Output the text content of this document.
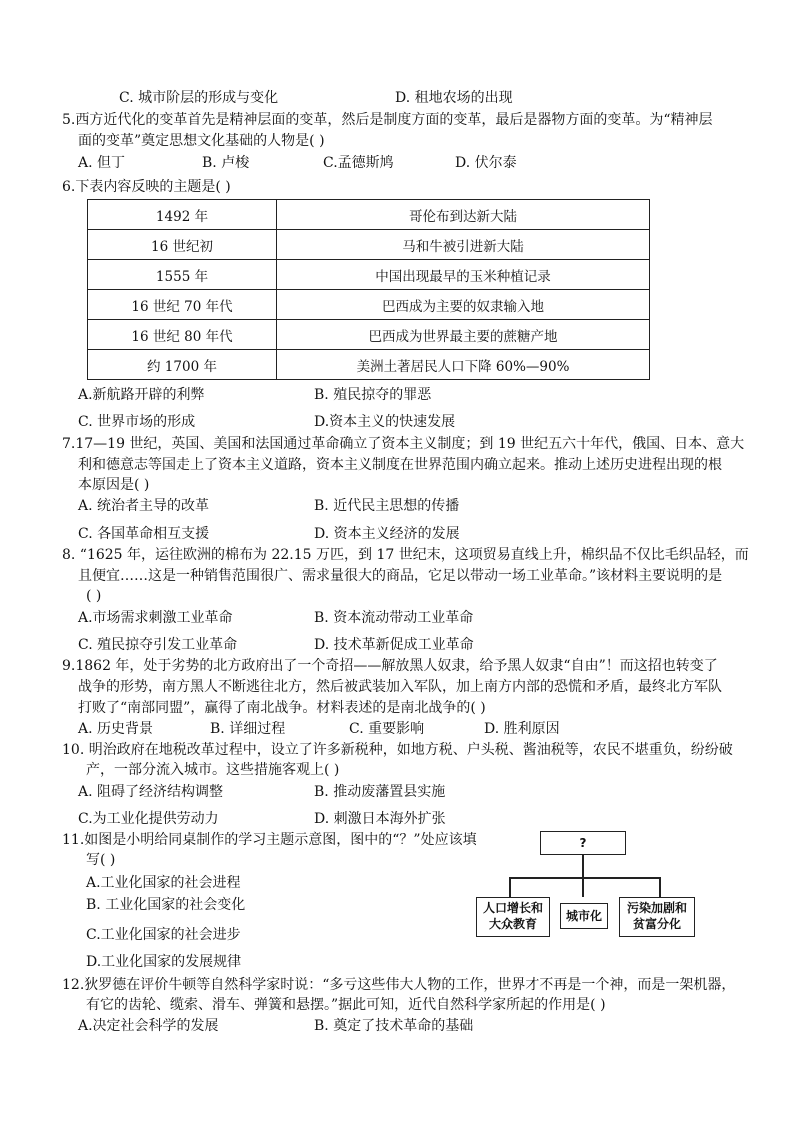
C. 城市阶层的形成与变化	D. 租地农场的出现
5.西方近代化的变革首先是精神层面的变革，然后是制度方面的变革，最后是器物方面的变革。为“精神层
面的变革”奠定思想文化基础的人物是( )
A. 但丁	B. 卢梭	C.孟德斯鸠	D. 伏尔泰
6.下表内容反映的主题是( )
1492 年	哥伦布到达新大陆
16 世纪初	马和牛被引进新大陆
1555 年	中国出现最早的玉米种植记录
16 世纪 70 年代	巴西成为主要的奴隶输入地
16 世纪 80 年代	巴西成为世界最主要的蔗糖产地
约 1700 年	美洲土著居民人口下降 60%—90%
A.新航路开辟的利弊	B. 殖民掠夺的罪恶
C. 世界市场的形成	D.资本主义的快速发展
7.17—19 世纪，英国、美国和法国通过革命确立了资本主义制度；到 19 世纪五六十年代，俄国、日本、意大
利和德意志等国走上了资本主义道路，资本主义制度在世界范围内确立起来。推动上述历史进程出现的根
本原因是( )
A. 统治者主导的改革	B. 近代民主思想的传播
C. 各国革命相互支援	D. 资本主义经济的发展
8. “1625 年，运往欧洲的棉布为 22.15 万匹，到 17 世纪末，这项贸易直线上升，棉织品不仅比毛织品轻，而
且便宜……这是一种销售范围很广、需求量很大的商品，它足以带动一场工业革命。”该材料主要说明的是
( )
A.市场需求刺激工业革命	B. 资本流动带动工业革命
C. 殖民掠夺引发工业革命	D. 技术革新促成工业革命
9.1862 年，处于劣势的北方政府出了一个奇招——解放黑人奴隶，给予黑人奴隶“自由”！而这招也转变了
战争的形势，南方黑人不断逃往北方，然后被武装加入军队，加上南方内部的恐慌和矛盾，最终北方军队
打败了“南部同盟”，赢得了南北战争。材料表述的是南北战争的( )
A. 历史背景	B. 详细过程	C. 重要影响	D. 胜利原因
10. 明治政府在地税改革过程中，设立了许多新税种，如地方税、户头税、酱油税等，农民不堪重负，纷纷破
产，一部分流入城市。这些措施客观上( )
A. 阻碍了经济结构调整	B. 推动废藩置县实施
C.为工业化提供劳动力	D. 刺激日本海外扩张
11.如图是小明给同桌制作的学习主题示意图，图中的“？”处应该填
写( )
A.工业化国家的社会进程
B. 工业化国家的社会变化
C.工业化国家的社会进步
D.工业化国家的发展规律
?
人口增长和
大众教育
城市化
污染加剧和
贫富分化
12.狄罗德在评价牛顿等自然科学家时说：“多亏这些伟大人物的工作，世界才不再是一个神，而是一架机器，
有它的齿轮、缆索、滑车、弹簧和悬摆。”据此可知，近代自然科学家所起的作用是( )
A.决定社会科学的发展	B. 奠定了技术革命的基础
